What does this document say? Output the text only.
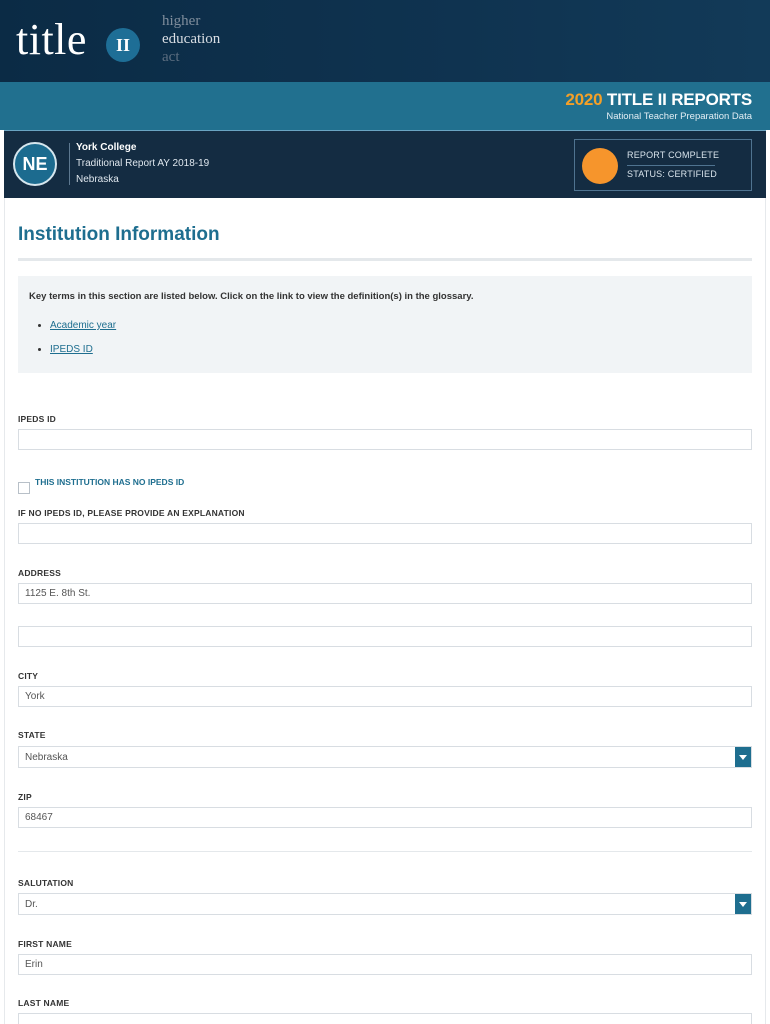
title	II
higher
education
act
2020 TITLE II REPORTS
National Teacher Preparation Data
NE
York College
Traditional Report AY 2018-19
Nebraska
REPORT COMPLETE
STATUS: CERTIFIED
Institution Information
Key terms in this section are listed below. Click on the link to view the definition(s) in the glossary.
• Academic year
• IPEDS ID
IPEDS ID
THIS INSTITUTION HAS NO IPEDS ID
IF NO IPEDS ID, PLEASE PROVIDE AN EXPLANATION
ADDRESS
1125 E. 8th St.
CITY
York
STATE
Nebraska
ZIP
68467
SALUTATION
Dr.
FIRST NAME
Erin
LAST NAME
